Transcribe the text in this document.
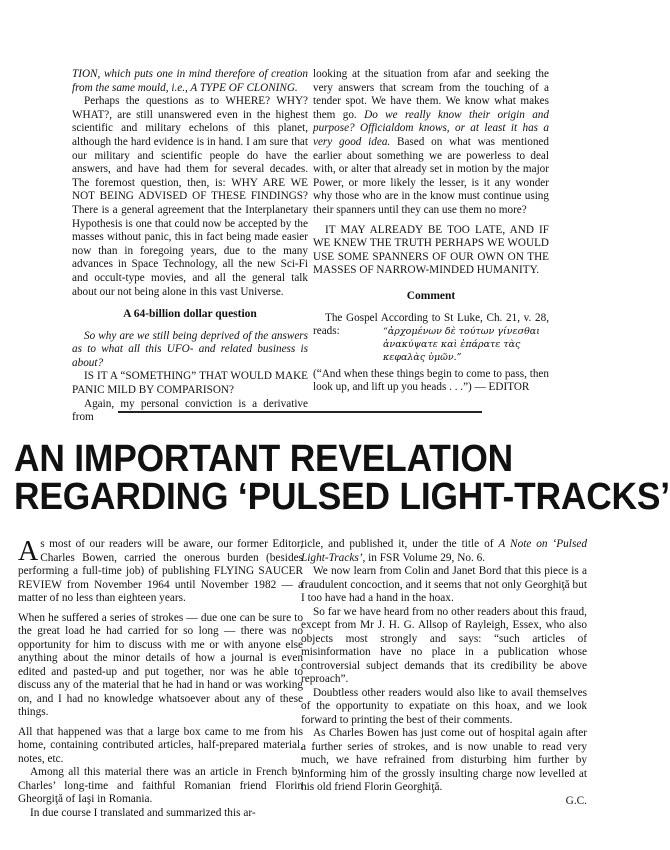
TION, which puts one in mind therefore of creation from the same mould, i.e., A TYPE OF CLONING.

Perhaps the questions as to WHERE? WHY? WHAT?, are still unanswered even in the highest scientific and military echelons of this planet, although the hard evidence is in hand. I am sure that our military and scientific people do have the answers, and have had them for several decades. The foremost question, then, is: WHY ARE WE NOT BEING ADVISED OF THESE FINDINGS? There is a general agreement that the Interplanetary Hypothesis is one that could now be accepted by the masses without panic, this in fact being made easier now than in foregoing years, due to the many advances in Space Technology, all the new Sci-Fi and occult-type movies, and all the general talk about our not being alone in this vast Universe.

A 64-billion dollar question

So why are we still being deprived of the answers as to what all this UFO- and related business is about?

IS IT A “SOMETHING” THAT WOULD MAKE PANIC MILD BY COMPARISON?

Again, my personal conviction is a derivative from

looking at the situation from afar and seeking the very answers that scream from the touching of a tender spot. We have them. We know what makes them go. Do we really know their origin and purpose? Officialdom knows, or at least it has a very good idea. Based on what was mentioned earlier about something we are powerless to deal with, or alter that already set in motion by the major Power, or more likely the lesser, is it any wonder why those who are in the know must continue using their spanners until they can use them no more?

IT MAY ALREADY BE TOO LATE, AND IF WE KNEW THE TRUTH PERHAPS WE WOULD USE SOME SPANNERS OF OUR OWN ON THE MASSES OF NARROW-MINDED HUMANITY.

Comment

The Gospel According to St Luke, Ch. 21, v. 28, reads:	“ἀρχομένων δὲ τούτων γίνεσθαι
ἀνακύψατε καὶ ἐπάρατε τὰς
κεφαλὰς ὑμῶν.”

(“And when these things begin to come to pass, then look up, and lift up you heads . . .”) — EDITOR

AN IMPORTANT REVELATION
REGARDING ‘PULSED LIGHT-TRACKS’

As most of our readers will be aware, our former Editor, Charles Bowen, carried the onerous burden (besides performing a full-time job) of publishing FLYING SAUCER REVIEW from November 1964 until November 1982 — a matter of no less than eighteen years.

When he suffered a series of strokes — due one can be sure to the great load he had carried for so long — there was no opportunity for him to discuss with me or with anyone else anything about the minor details of how a journal is even edited and pasted-up and put together, nor was he able to discuss any of the material that he had in hand or was working on, and I had no knowledge whatsoever about any of these things.

All that happened was that a large box came to me from his home, containing contributed articles, half-prepared material, notes, etc.

Among all this material there was an article in French by Charles’ long-time and faithful Romanian friend Florin Gheorgiţă of Iaşi in Romania.

In due course I translated and summarized this ar-

ticle, and published it, under the title of A Note on ‘Pulsed Light-Tracks’, in FSR Volume 29, No. 6.

We now learn from Colin and Janet Bord that this piece is a fraudulent concoction, and it seems that not only Georghiţă but I too have had a hand in the hoax.

So far we have heard from no other readers about this fraud, except from Mr J. H. G. Allsop of Rayleigh, Essex, who also objects most strongly and says: “such articles of misinformation have no place in a publication whose controversial subject demands that its credibility be above reproach”.

Doubtless other readers would also like to avail themselves of the opportunity to expatiate on this hoax, and we look forward to printing the best of their comments.

As Charles Bowen has just come out of hospital again after a further series of strokes, and is now unable to read very much, we have refrained from disturbing him further by informing him of the grossly insulting charge now levelled at his old friend Florin Georghiţă.

G.C.
